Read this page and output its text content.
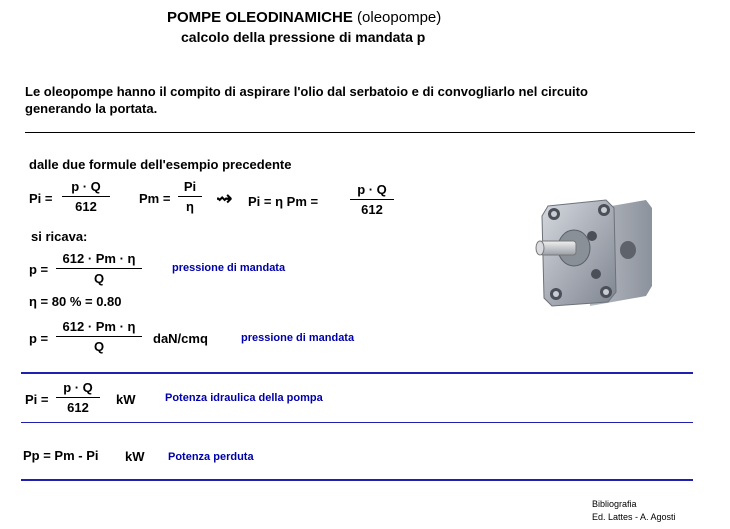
POMPE OLEODINAMICHE (oleopompe)
calcolo della pressione di mandata p
Le oleopompe hanno il compito di aspirare l'olio dal serbatoio e di convogliarlo nel circuito
generando la portata.
dalle due formule dell'esempio precedente
Pi =
p · Q
612
Pm =
Pi
η	⇝ Pi = η Pm =
p · Q
612
si ricava:
p =
612 · Pm · η
Q
pressione di mandata
η = 80 % = 0.80
p =
612 · Pm · η
Q
daN/cmq	pressione di mandata
Pi =
p · Q
612
kW	Potenza idraulica della pompa
Pp = Pm - Pi kW Potenza perduta
Bibliografia
Ed. Lattes - A. Agosti
